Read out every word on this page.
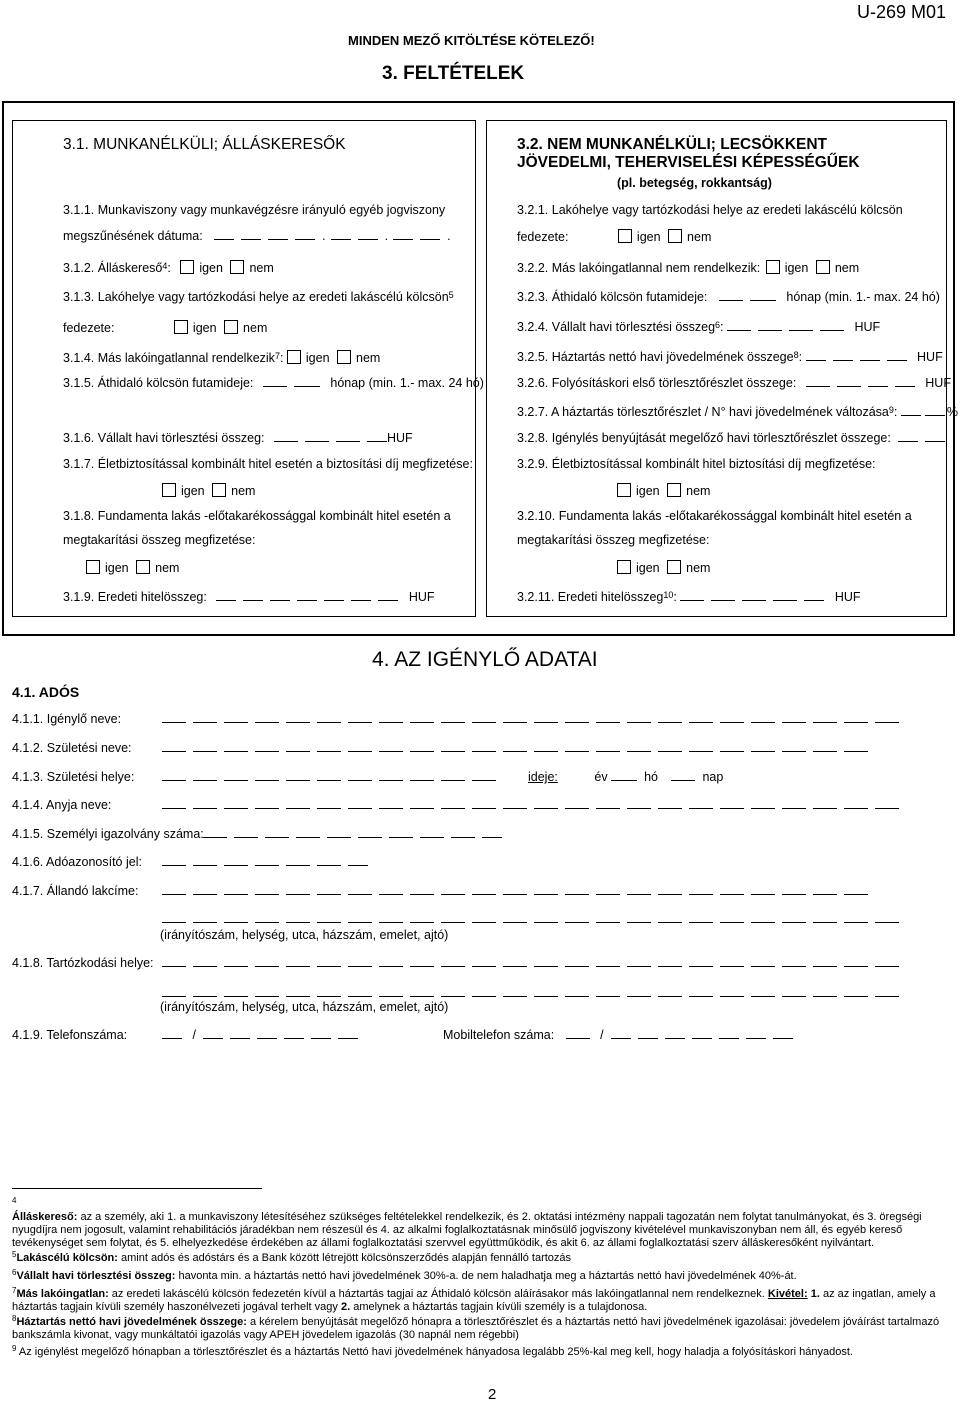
U-269 M01
MINDEN MEZŐ KITÖLTÉSE KÖTELEZŐ!
3. FELTÉTELEK
3.1. MUNKANÉLKÜLI; ÁLLÁSKERESŐK
3.1.1. Munkaviszony vagy munkavégzésre irányuló egyéb jogviszony
megszűnésének dátuma:	.	.	.
3.1.2. Álláskereső$^4$: igen nem
3.1.3. Lakóhelye vagy tartózkodási helye az eredeti lakáscélú kölcsön$^5$
fedezete:	igen nem
3.1.4. Más lakóingatlannal rendelkezik$^7$: igen nem
3.1.5. Áthidaló kölcsön futamideje:	hónap (min. 1.- max. 24 hó)
3.1.6. Vállalt havi törlesztési összeg:	HUF
3.1.7. Életbiztosítással kombinált hitel esetén a biztosítási díj megfizetése:
igen nem
3.1.8. Fundamenta lakás -előtakarékossággal kombinált hitel esetén a
megtakarítási összeg megfizetése:
igen nem
3.1.9. Eredeti hitelösszeg:	HUF
3.2. NEM MUNKANÉLKÜLI; LECSÖKKENT
JÖVEDELMI, TEHERVISELÉSI KÉPESSÉGŰEK
(pl. betegség, rokkantság)
3.2.1. Lakóhelye vagy tartózkodási helye az eredeti lakáscélú kölcsön
fedezete:	igen nem
3.2.2. Más lakóingatlannal nem rendelkezik: igen nem
3.2.3. Áthidaló kölcsön futamideje:	hónap (min. 1.- max. 24 hó)
3.2.4. Vállalt havi törlesztési összeg$^6$:	HUF
3.2.5. Háztartás nettó havi jövedelmének összege$^8$:	HUF
3.2.6. Folyósításkori első törlesztőrészlet összege:	HUF
3.2.7. A háztartás törlesztőrészlet / N° havi jövedelmének változása$^9$:	%
3.2.8. Igénylés benyújtását megelőző havi törlesztőrészlet összege:
3.2.9. Életbiztosítással kombinált hitel biztosítási díj megfizetése:
igen nem
3.2.10. Fundamenta lakás -előtakarékossággal kombinált hitel esetén a
megtakarítási összeg megfizetése:
igen nem
3.2.11. Eredeti hitelösszeg$^{10}$:	HUF
4. AZ IGÉNYLŐ ADATAI
4.1. ADÓS
4.1.1. Igénylő neve:
4.1.2. Születési neve:
4.1.3. Születési helye:	ideje:	év	hó	nap
4.1.4. Anyja neve:
4.1.5. Személyi igazolvány száma:
4.1.6. Adóazonosító jel:
4.1.7. Állandó lakcíme:
(irányítószám, helység, utca, házszám, emelet, ajtó)
4.1.8. Tartózkodási helye:
(irányítószám, helység, utca, házszám, emelet, ajtó)
4.1.9. Telefonszáma:	/	Mobiltelefon száma:	/
$^4$
Álláskereső: az a személy, aki 1. a munkaviszony létesítéséhez szükséges feltételekkel rendelkezik, és 2. oktatási intézmény nappali tagozatán nem folytat tanulmányokat, és 3. öregségi nyugdíjra nem jogosult, valamint rehabilitációs járadékban nem részesül és 4. az alkalmi foglalkoztatásnak minősülő jogviszony kivételével munkaviszonyban nem áll, és egyéb kereső tevékenységet sem folytat, és 5. elhelyezkedése érdekében az állami foglalkoztatási szervvel együttműködik, és akit 6. az állami foglalkoztatási szerv álláskeresőként nyilvántart.
$^5$Lakáscélú kölcsön: amint adós és adóstárs és a Bank között létrejött kölcsönszerződés alapján fennálló tartozás
$^6$Vállalt havi törlesztési összeg: havonta min. a háztartás nettó havi jövedelmének 30%-a. de nem haladhatja meg a háztartás nettó havi jövedelmének 40%-át.
$^7$Más lakóingatlan: az eredeti lakáscélú kölcsön fedezetén kívül a háztartás tagjai az Áthidaló kölcsön aláírásakor más lakóingatlannal nem rendelkeznek. Kivétel: 1. az az ingatlan, amely a háztartás tagjain kívüli személy haszonélvezeti jogával terhelt vagy 2. amelynek a háztartás tagjain kívüli személy is a tulajdonosa.
$^8$Háztartás nettó havi jövedelmének összege: a kérelem benyújtását megelőző hónapra a törlesztőrészlet és a háztartás nettó havi jövedelmének igazolásai: jövedelem jóváírást tartalmazó bankszámla kivonat, vagy munkáltatói igazolás vagy APEH jövedelem igazolás (30 napnál nem régebbi)
$^9$ Az igénylést megelőző hónapban a törlesztőrészlet és a háztartás Nettó havi jövedelmének hányadosa legalább 25%-kal meg kell, hogy haladja a folyósításkori hányadost.
2
